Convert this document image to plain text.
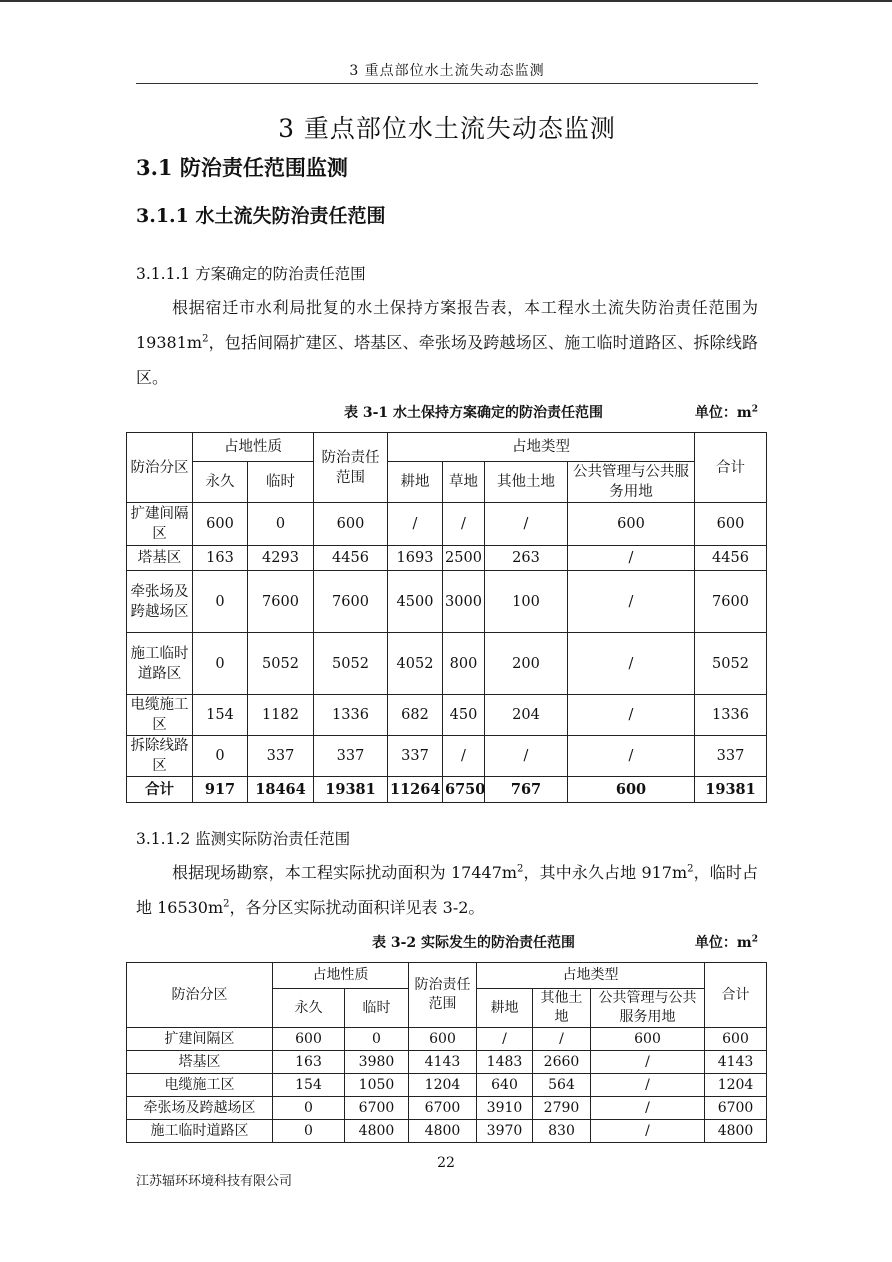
3 重点部位水土流失动态监测
3 重点部位水土流失动态监测
3.1 防治责任范围监测
3.1.1 水土流失防治责任范围
3.1.1.1 方案确定的防治责任范围
根据宿迁市水利局批复的水土保持方案报告表，本工程水土流失防治责任范围为 $19381m^2$，包括间隔扩建区、塔基区、牵张场及跨越场区、施工临时道路区、拆除线路区。
表 3-1 水土保持方案确定的防治责任范围	单位：$m^2$
防治分区	占地性质		防治责任范围	占地类型				合计
	永久	临时		耕地	草地	其他土地	公共管理与公共服务用地	
扩建间隔区	600	0	600	/	/	/	600	600
塔基区	163	4293	4456	1693	2500	263	/	4456
牵张场及跨越场区	0	7600	7600	4500	3000	100	/	7600
施工临时道路区	0	5052	5052	4052	800	200	/	5052
电缆施工区	154	1182	1336	682	450	204	/	1336
拆除线路区	0	337	337	337	/	/	/	337
合计	917	18464	19381	11264	6750	767	600	19381
3.1.1.2 监测实际防治责任范围
根据现场勘察，本工程实际扰动面积为 $17447m^2$，其中永久占地 $917m^2$，临时占地 $16530m^2$，各分区实际扰动面积详见表 3-2。
表 3-2 实际发生的防治责任范围	单位：$m^2$
防治分区	占地性质		防治责任范围	占地类型			合计
	永久	临时		耕地	其他土地	公共管理与公共服务用地	
扩建间隔区	600	0	600	/	/	600	600
塔基区	163	3980	4143	1483	2660	/	4143
电缆施工区	154	1050	1204	640	564	/	1204
牵张场及跨越场区	0	6700	6700	3910	2790	/	6700
施工临时道路区	0	4800	4800	3970	830	/	4800
22
江苏辐环环境科技有限公司
